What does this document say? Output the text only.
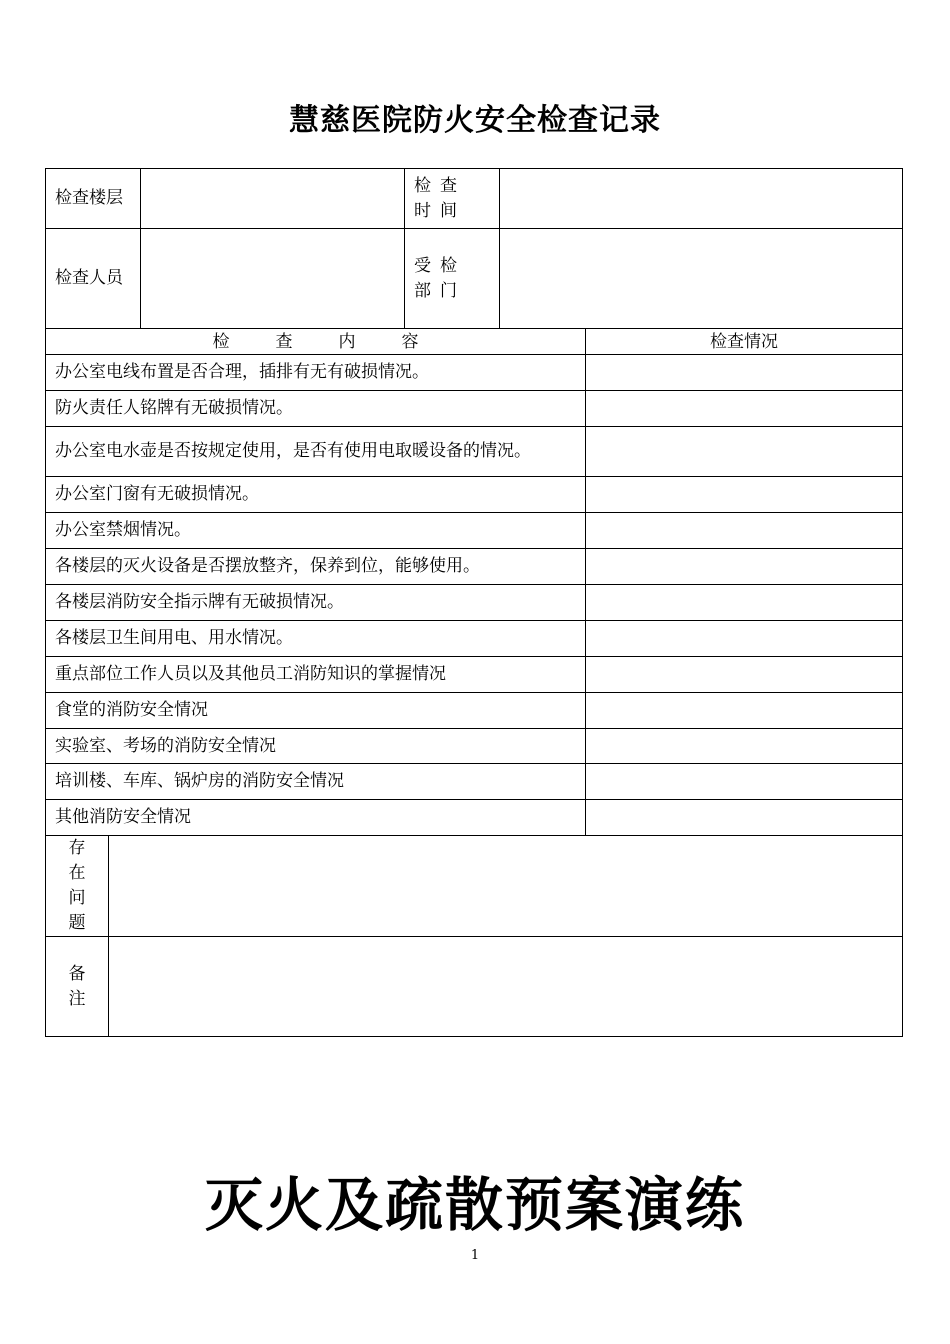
慧慈医院防火安全检查记录
检查楼层			检查时间		
检查人员			受检部门		
检查内容					检查情况
办公室电线布置是否合理，插排有无有破损情况。					
防火责任人铭牌有无破损情况。					
办公室电水壶是否按规定使用，是否有使用电取暖设备的情况。					
办公室门窗有无破损情况。					
办公室禁烟情况。					
各楼层的灭火设备是否摆放整齐，保养到位，能够使用。					
各楼层消防安全指示牌有无破损情况。					
各楼层卫生间用电、用水情况。					
重点部位工作人员以及其他员工消防知识的掌握情况					
食堂的消防安全情况					
实验室、考场的消防安全情况					
培训楼、车库、锅炉房的消防安全情况					
其他消防安全情况					
存在问题					
备注					
灭火及疏散预案演练
1
